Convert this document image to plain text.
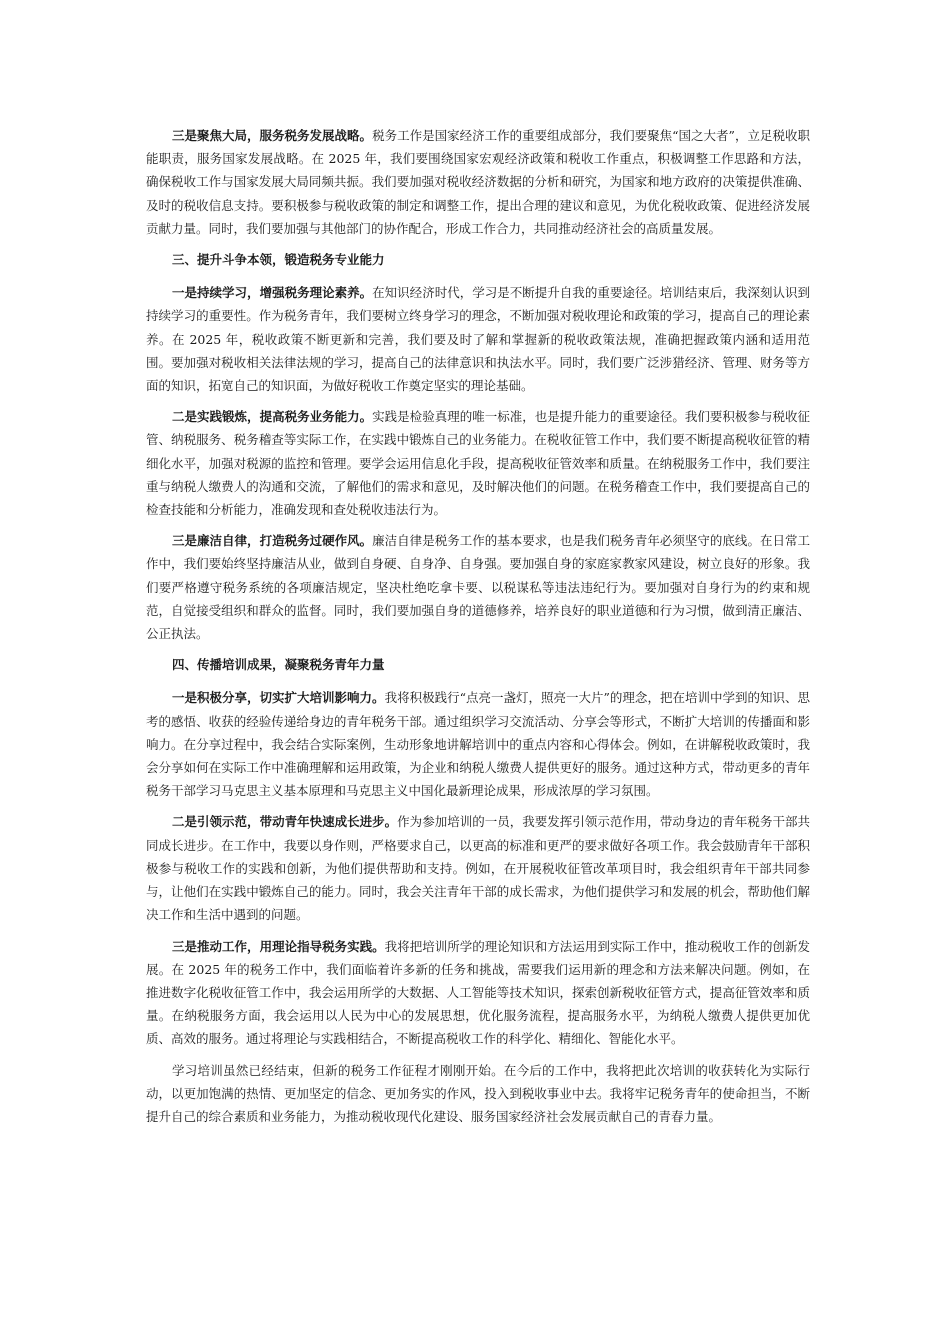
三是聚焦大局，服务税务发展战略。税务工作是国家经济工作的重要组成部分，我们要聚焦“国之大者”，立足税收职能职责，服务国家发展战略。在 2025 年，我们要围绕国家宏观经济政策和税收工作重点，积极调整工作思路和方法，确保税收工作与国家发展大局同频共振。我们要加强对税收经济数据的分析和研究，为国家和地方政府的决策提供准确、及时的税收信息支持。要积极参与税收政策的制定和调整工作，提出合理的建议和意见，为优化税收政策、促进经济发展贡献力量。同时，我们要加强与其他部门的协作配合，形成工作合力，共同推动经济社会的高质量发展。

三、提升斗争本领，锻造税务专业能力

一是持续学习，增强税务理论素养。在知识经济时代，学习是不断提升自我的重要途径。培训结束后，我深刻认识到持续学习的重要性。作为税务青年，我们要树立终身学习的理念，不断加强对税收理论和政策的学习，提高自己的理论素养。在 2025 年，税收政策不断更新和完善，我们要及时了解和掌握新的税收政策法规，准确把握政策内涵和适用范围。要加强对税收相关法律法规的学习，提高自己的法律意识和执法水平。同时，我们要广泛涉猎经济、管理、财务等方面的知识，拓宽自己的知识面，为做好税收工作奠定坚实的理论基础。

二是实践锻炼，提高税务业务能力。实践是检验真理的唯一标准，也是提升能力的重要途径。我们要积极参与税收征管、纳税服务、税务稽查等实际工作，在实践中锻炼自己的业务能力。在税收征管工作中，我们要不断提高税收征管的精细化水平，加强对税源的监控和管理。要学会运用信息化手段，提高税收征管效率和质量。在纳税服务工作中，我们要注重与纳税人缴费人的沟通和交流，了解他们的需求和意见，及时解决他们的问题。在税务稽查工作中，我们要提高自己的检查技能和分析能力，准确发现和查处税收违法行为。

三是廉洁自律，打造税务过硬作风。廉洁自律是税务工作的基本要求，也是我们税务青年必须坚守的底线。在日常工作中，我们要始终坚持廉洁从业，做到自身硬、自身净、自身强。要加强自身的家庭家教家风建设，树立良好的形象。我们要严格遵守税务系统的各项廉洁规定，坚决杜绝吃拿卡要、以税谋私等违法违纪行为。要加强对自身行为的约束和规范，自觉接受组织和群众的监督。同时，我们要加强自身的道德修养，培养良好的职业道德和行为习惯，做到清正廉洁、公正执法。

四、传播培训成果，凝聚税务青年力量

一是积极分享，切实扩大培训影响力。我将积极践行“点亮一盏灯，照亮一大片”的理念，把在培训中学到的知识、思考的感悟、收获的经验传递给身边的青年税务干部。通过组织学习交流活动、分享会等形式，不断扩大培训的传播面和影响力。在分享过程中，我会结合实际案例，生动形象地讲解培训中的重点内容和心得体会。例如，在讲解税收政策时，我会分享如何在实际工作中准确理解和运用政策，为企业和纳税人缴费人提供更好的服务。通过这种方式，带动更多的青年税务干部学习马克思主义基本原理和马克思主义中国化最新理论成果，形成浓厚的学习氛围。

二是引领示范，带动青年快速成长进步。作为参加培训的一员，我要发挥引领示范作用，带动身边的青年税务干部共同成长进步。在工作中，我要以身作则，严格要求自己，以更高的标准和更严的要求做好各项工作。我会鼓励青年干部积极参与税收工作的实践和创新，为他们提供帮助和支持。例如，在开展税收征管改革项目时，我会组织青年干部共同参与，让他们在实践中锻炼自己的能力。同时，我会关注青年干部的成长需求，为他们提供学习和发展的机会，帮助他们解决工作和生活中遇到的问题。

三是推动工作，用理论指导税务实践。我将把培训所学的理论知识和方法运用到实际工作中，推动税收工作的创新发展。在 2025 年的税务工作中，我们面临着许多新的任务和挑战，需要我们运用新的理念和方法来解决问题。例如，在推进数字化税收征管工作中，我会运用所学的大数据、人工智能等技术知识，探索创新税收征管方式，提高征管效率和质量。在纳税服务方面，我会运用以人民为中心的发展思想，优化服务流程，提高服务水平，为纳税人缴费人提供更加优质、高效的服务。通过将理论与实践相结合，不断提高税收工作的科学化、精细化、智能化水平。

学习培训虽然已经结束，但新的税务工作征程才刚刚开始。在今后的工作中，我将把此次培训的收获转化为实际行动，以更加饱满的热情、更加坚定的信念、更加务实的作风，投入到税收事业中去。我将牢记税务青年的使命担当，不断提升自己的综合素质和业务能力，为推动税收现代化建设、服务国家经济社会发展贡献自己的青春力量。
